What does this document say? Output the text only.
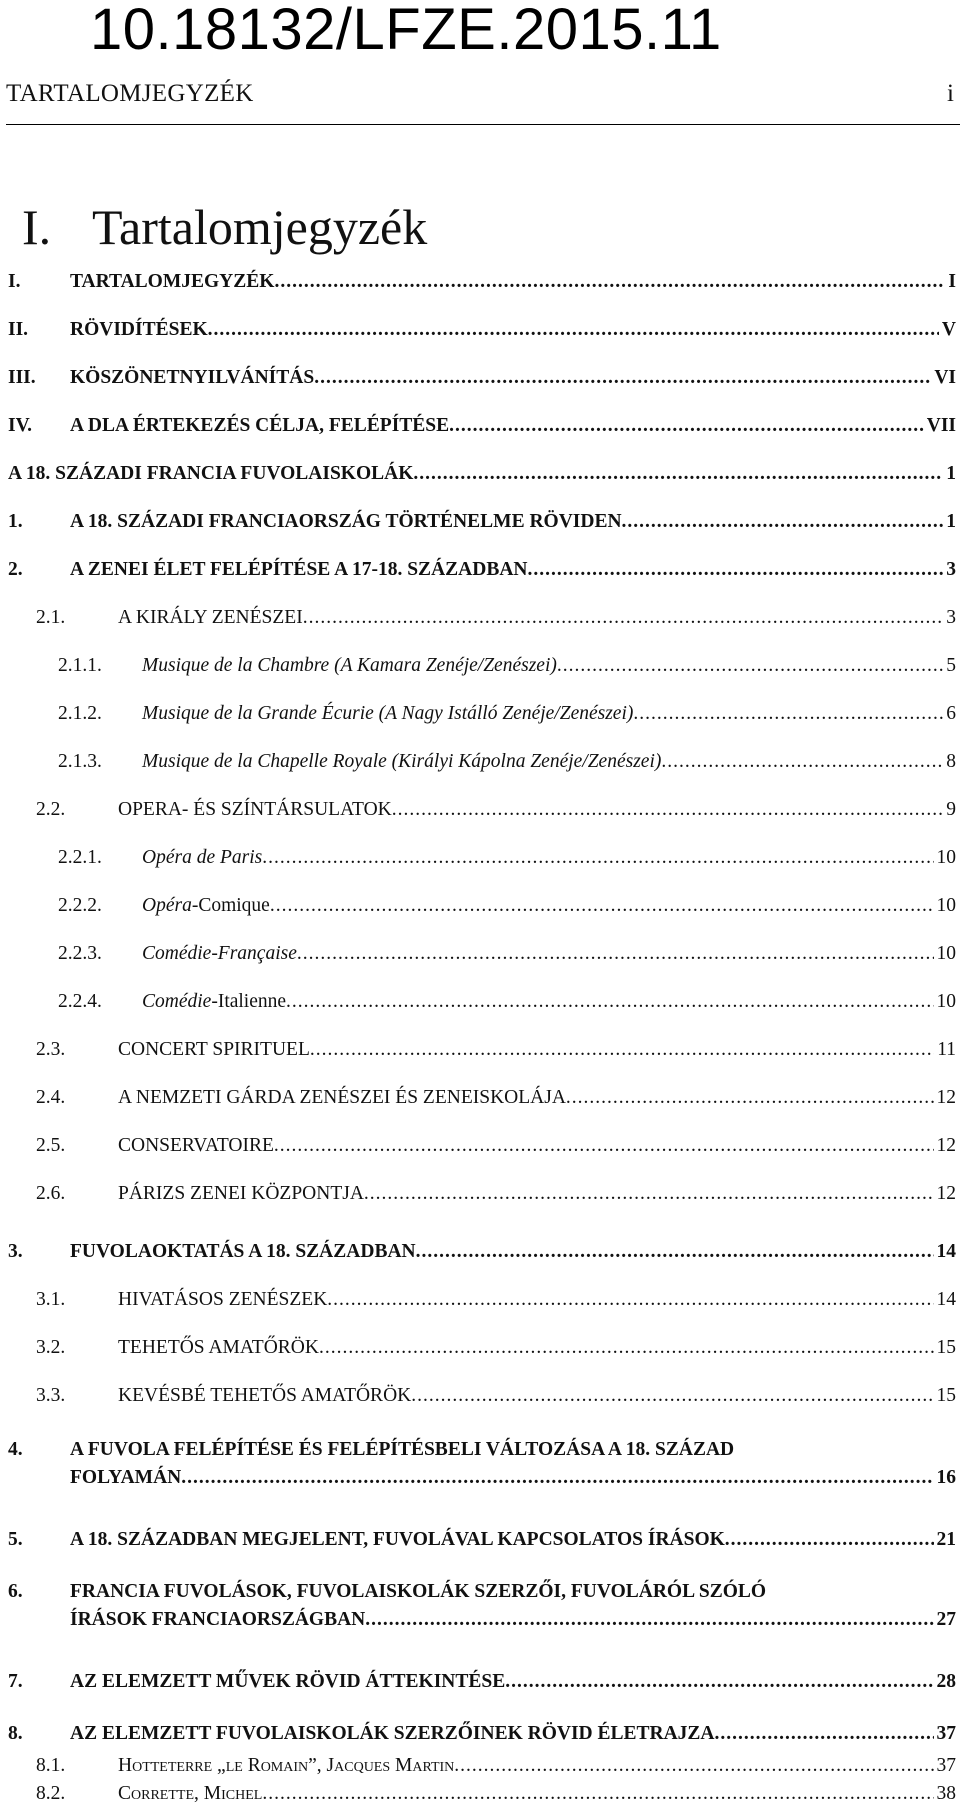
10.18132/LFZE.2015.11
TARTALOMJEGYZÉK	i
I. Tartalomjegyzék
I.	TARTALOMJEGYZÉK .....	I
II.	RÖVIDÍTÉSEK .....	V
III.	KÖSZÖNETNYILVÁNÍTÁS .....	VI
IV.	A DLA ÉRTEKEZÉS CÉLJA, FELÉPÍTÉSE .....	VII
A 18. SZÁZADI FRANCIA FUVOLAISKOLÁK .....	1
1.	A 18. SZÁZADI FRANCIAORSZÁG TÖRTÉNELME RÖVIDEN .....	1
2.	A ZENEI ÉLET FELÉPÍTÉSE A 17-18. SZÁZADBAN .....	3
2.1.	A KIRÁLY ZENÉSZEI .....	3
2.1.1.	Musique de la Chambre (A Kamara Zenéje/Zenészei) .....	5
2.1.2.	Musique de la Grande Écurie (A Nagy Istálló Zenéje/Zenészei) .....	6
2.1.3.	Musique de la Chapelle Royale (Királyi Kápolna Zenéje/Zenészei) .....	8
2.2.	OPERA- ÉS SZÍNTÁRSULATOK .....	9
2.2.1.	Opéra de Paris .....	10
2.2.2.	Opéra-Comique .....	10
2.2.3.	Comédie-Française .....	10
2.2.4.	Comédie-Italienne .....	10
2.3.	CONCERT SPIRITUEL .....	11
2.4.	A NEMZETI GÁRDA ZENÉSZEI ÉS ZENEISKOLÁJA .....	12
2.5.	CONSERVATOIRE .....	12
2.6.	PÁRIZS ZENEI KÖZPONTJA .....	12
3.	FUVOLAOKTATÁS A 18. SZÁZADBAN .....	14
3.1.	HIVATÁSOS ZENÉSZEK .....	14
3.2.	TEHETŐS AMATŐRÖK .....	15
3.3.	KEVÉSBÉ TEHETŐS AMATŐRÖK .....	15
4.	A FUVOLA FELÉPÍTÉSE ÉS FELÉPÍTÉSBELI VÁLTOZÁSA A 18. SZÁZAD
FOLYAMÁN .....	16
5.	A 18. SZÁZADBAN MEGJELENT, FUVOLÁVAL KAPCSOLATOS ÍRÁSOK .....	21
6.	FRANCIA FUVOLÁSOK, FUVOLAISKOLÁK SZERZŐI, FUVOLÁRÓL SZÓLÓ
ÍRÁSOK FRANCIAORSZÁGBAN .....	27
7.	AZ ELEMZETT MŰVEK RÖVID ÁTTEKINTÉSE .....	28
8.	AZ ELEMZETT FUVOLAISKOLÁK SZERZŐINEK RÖVID ÉLETRAJZA .....	37
8.1.	Hotteterre „le Romain”, Jacques Martin .....	37
8.2.	Corrette, Michel .....	38
